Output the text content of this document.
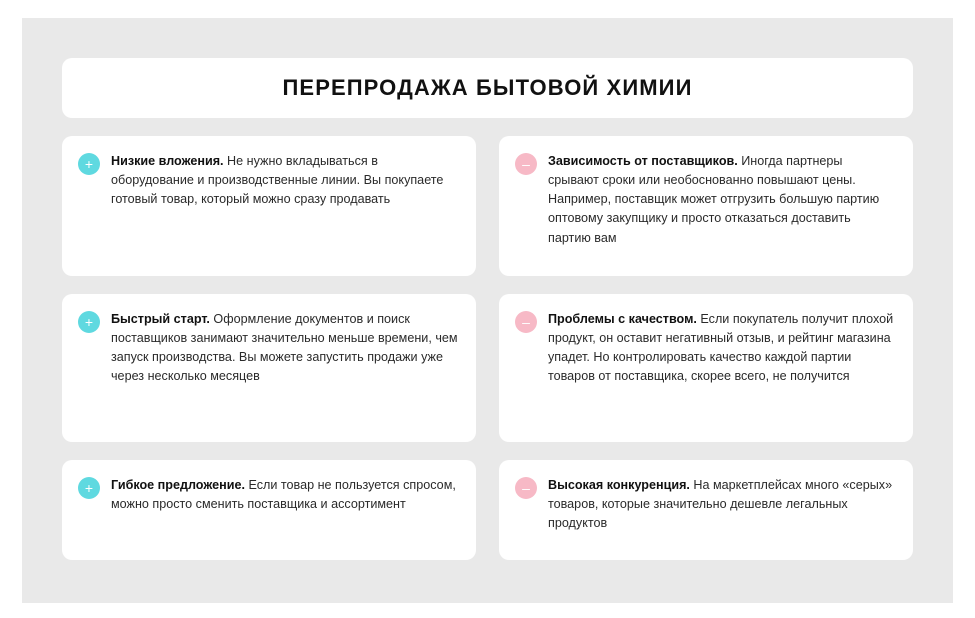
ПЕРЕПРОДАЖА БЫТОВОЙ ХИМИИ
+	Низкие вложения. Не нужно вкладываться в оборудование и производственные линии. Вы покупаете готовый товар, который можно сразу продавать
+	Быстрый старт. Оформление документов и поиск поставщиков занимают значительно меньше времени, чем запуск производства. Вы можете запустить продажи уже через несколько месяцев
+	Гибкое предложение. Если товар не пользуется спросом, можно просто сменить поставщика и ассортимент
–	Зависимость от поставщиков. Иногда партнеры срывают сроки или необоснованно повышают цены. Например, поставщик может отгрузить большую партию оптовому закупщику и просто отказаться доставить партию вам
–	Проблемы с качеством. Если покупатель получит плохой продукт, он оставит негативный отзыв, и рейтинг магазина упадет. Но контролировать качество каждой партии товаров от поставщика, скорее всего, не получится
–	Высокая конкуренция. На маркетплейсах много «серых» товаров, которые значительно дешевле легальных продуктов
